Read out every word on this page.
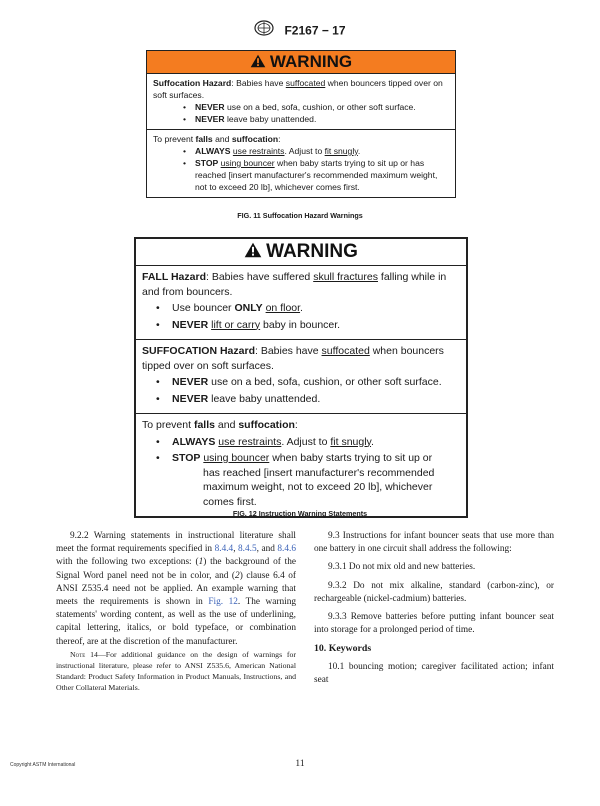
F2167 − 17
WARNING
Suffocation Hazard: Babies have suffocated when bouncers tipped over on soft surfaces.
• NEVER use on a bed, sofa, cushion, or other soft surface.
• NEVER leave baby unattended.
To prevent falls and suffocation:
• ALWAYS use restraints. Adjust to fit snugly.
• STOP using bouncer when baby starts trying to sit up or has reached [insert manufacturer's recommended maximum weight, not to exceed 20 lb], whichever comes first.
FIG. 11 Suffocation Hazard Warnings
WARNING
FALL Hazard: Babies have suffered skull fractures falling while in and from bouncers.
• Use bouncer ONLY on floor.
• NEVER lift or carry baby in bouncer.
SUFFOCATION Hazard: Babies have suffocated when bouncers tipped over on soft surfaces.
• NEVER use on a bed, sofa, cushion, or other soft surface.
• NEVER leave baby unattended.
To prevent falls and suffocation:
• ALWAYS use restraints. Adjust to fit snugly.
• STOP using bouncer when baby starts trying to sit up or
has reached [insert manufacturer's recommended maximum weight, not to exceed 20 lb], whichever comes first.
FIG. 12 Instruction Warning Statements

9.2.2 Warning statements in instructional literature shall meet the format requirements specified in 8.4.4, 8.4.5, and 8.4.6 with the following two exceptions: (1) the background of the Signal Word panel need not be in color, and (2) clause 6.4 of ANSI Z535.4 need not be applied. An example warning that meets the requirements is shown in Fig. 12. The warning statements' wording content, as well as the use of underlining, capital lettering, italics, or bold typeface, or combination thereof, are at the discretion of the manufacturer.

Note 14—For additional guidance on the design of warnings for instructional literature, please refer to ANSI Z535.6, American National Standard: Product Safety Information in Product Manuals, Instructions, and Other Collateral Materials.

9.3 Instructions for infant bouncer seats that use more than one battery in one circuit shall address the following:

9.3.1 Do not mix old and new batteries.

9.3.2 Do not mix alkaline, standard (carbon-zinc), or rechargeable (nickel-cadmium) batteries.

9.3.3 Remove batteries before putting infant bouncer seat into storage for a prolonged period of time.

10. Keywords

10.1 bouncing motion; caregiver facilitated action; infant seat

Copyright ASTM International	11
